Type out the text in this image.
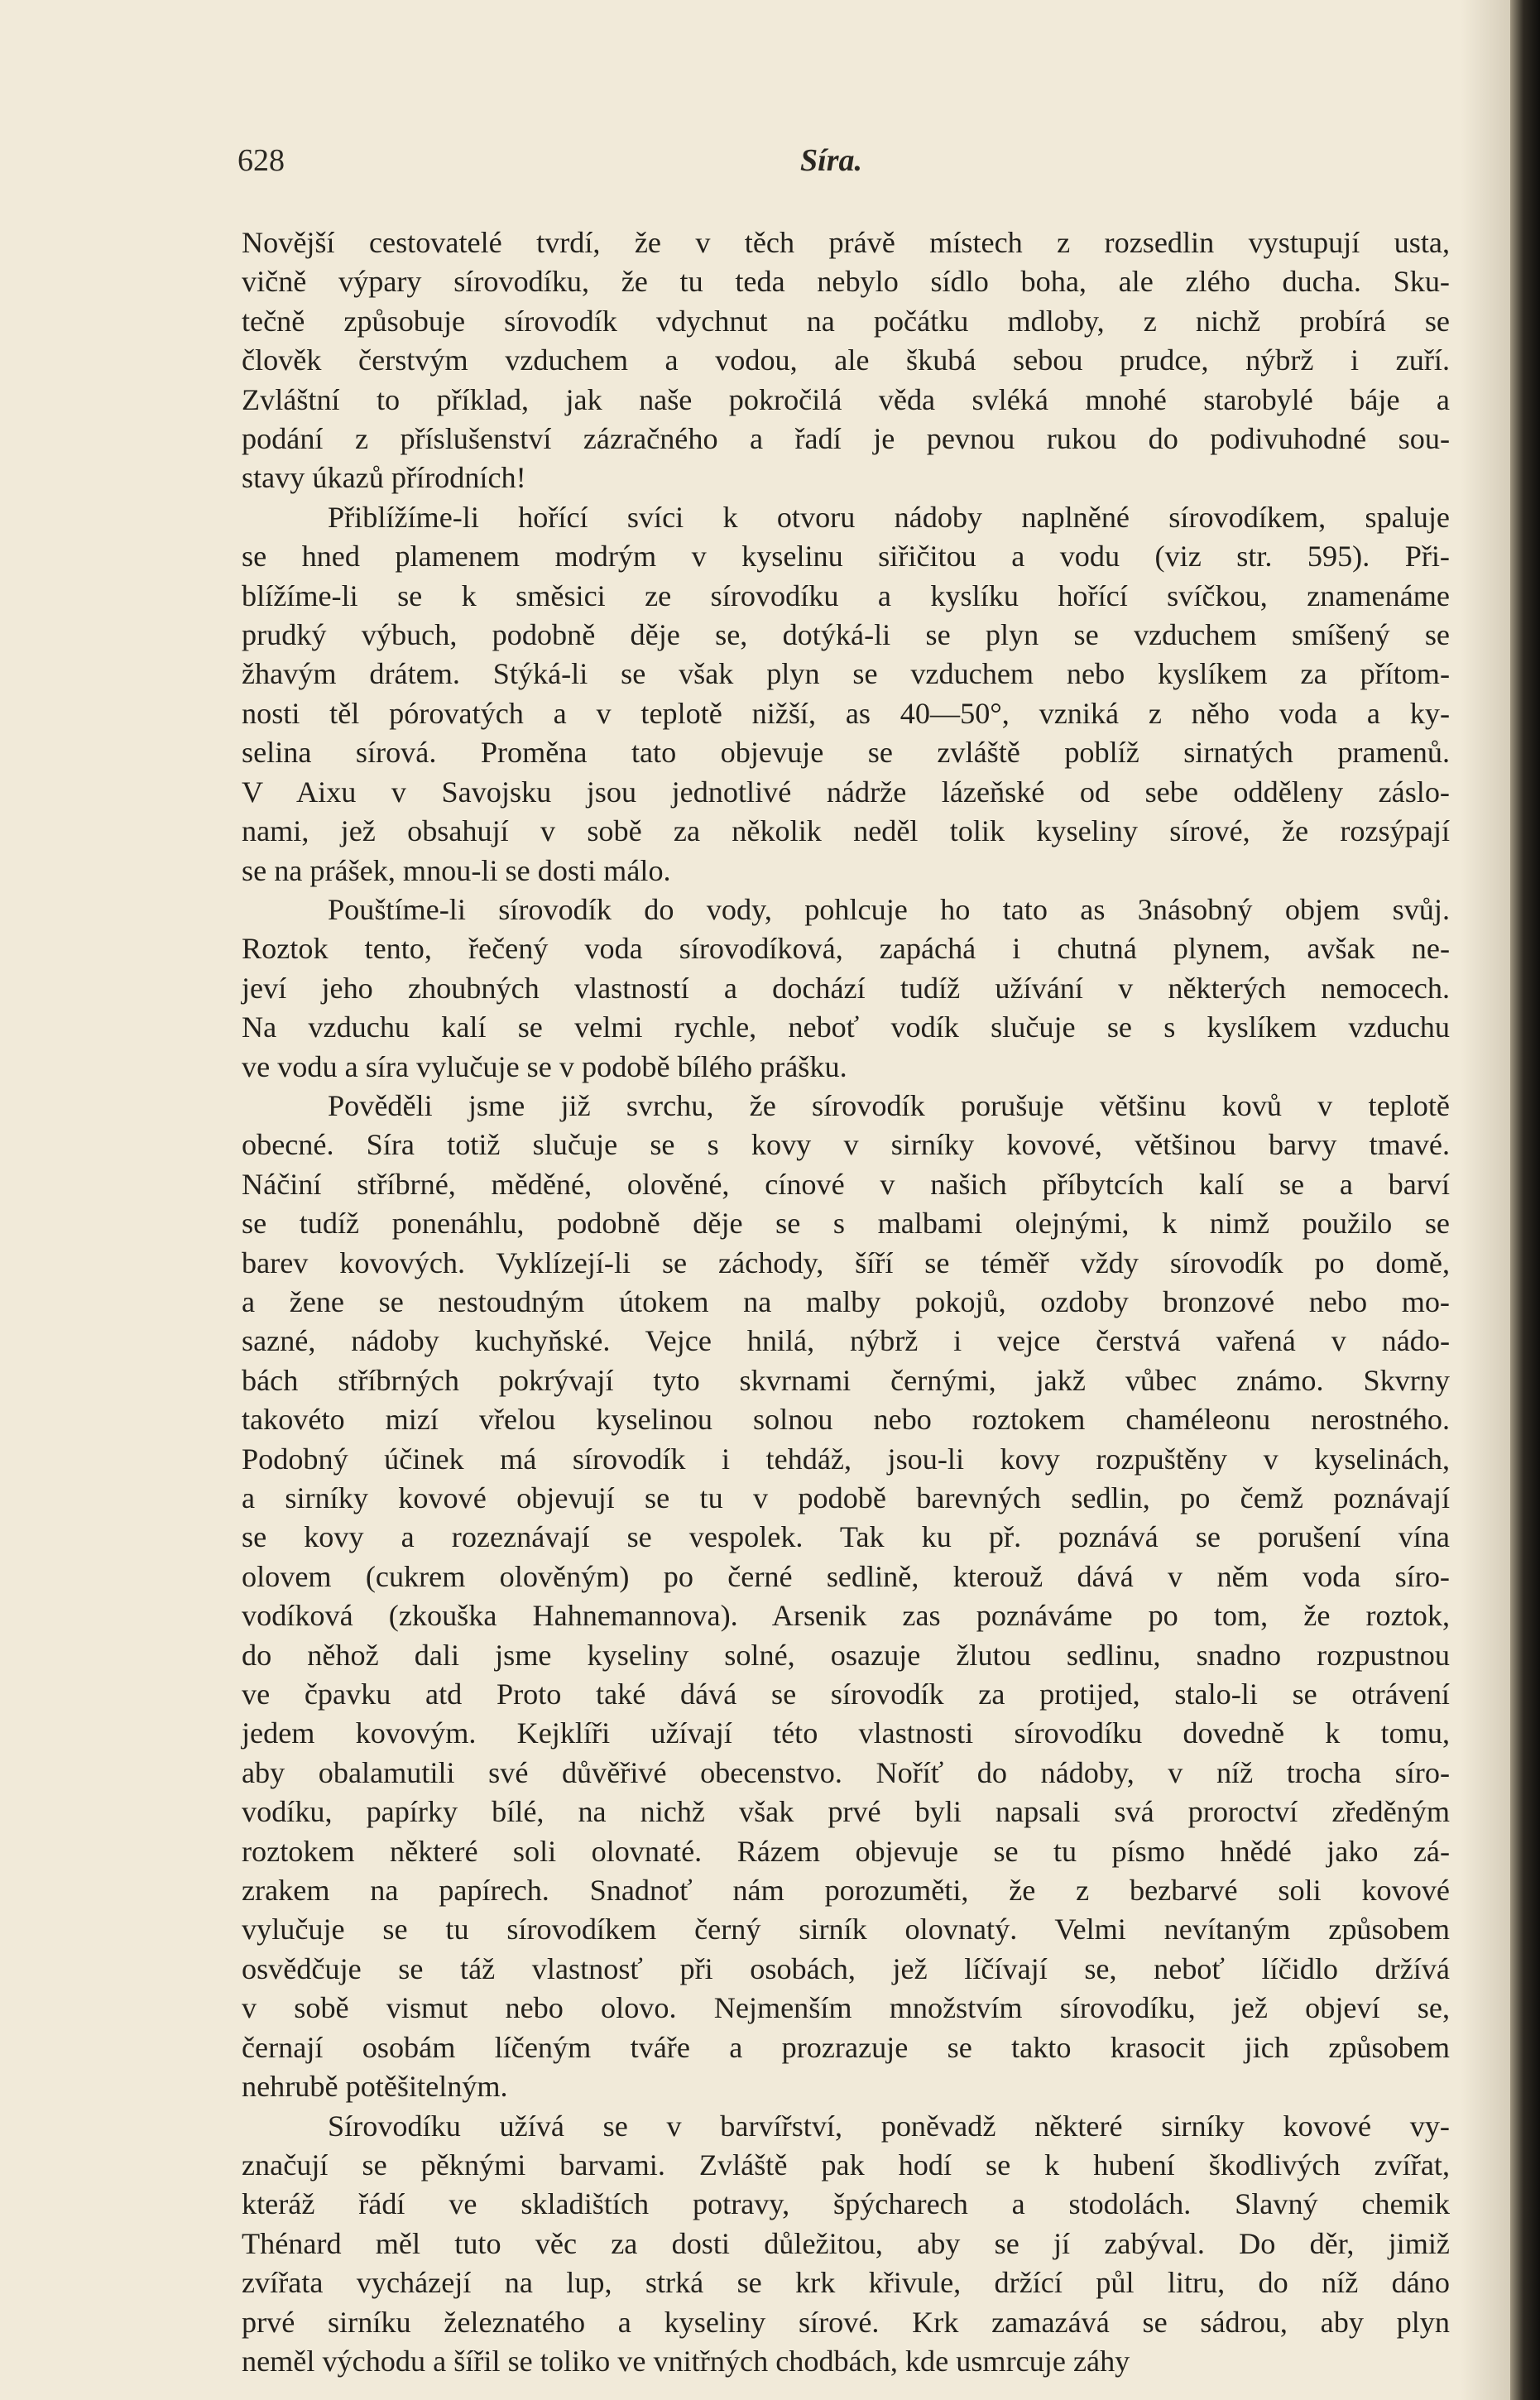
628	Síra.
Novější cestovatelé tvrdí, že v těch právě místech z rozsedlin vystupují usta,
vičně výpary sírovodíku, že tu teda nebylo sídlo boha, ale zlého ducha. Sku-
tečně způsobuje sírovodík vdychnut na počátku mdloby, z nichž probírá se
člověk čerstvým vzduchem a vodou, ale škubá sebou prudce, nýbrž i zuří.
Zvláštní to příklad, jak naše pokročilá věda svléká mnohé starobylé báje a
podání z příslušenství zázračného a řadí je pevnou rukou do podivuhodné sou-
stavy úkazů přírodních!
Přiblížíme-li hořící svíci k otvoru nádoby naplněné sírovodíkem, spaluje
se hned plamenem modrým v kyselinu siřičitou a vodu (viz str. 595). Při-
blížíme-li se k směsici ze sírovodíku a kyslíku hořící svíčkou, znamenáme
prudký výbuch, podobně děje se, dotýká-li se plyn se vzduchem smíšený se
žhavým drátem. Stýká-li se však plyn se vzduchem nebo kyslíkem za přítom-
nosti těl pórovatých a v teplotě nižší, as 40—50°, vzniká z něho voda a ky-
selina sírová. Proměna tato objevuje se zvláště poblíž sirnatých pramenů.
V Aixu v Savojsku jsou jednotlivé nádrže lázeňské od sebe odděleny záslo-
nami, jež obsahují v sobě za několik neděl tolik kyseliny sírové, že rozsýpají
se na prášek, mnou-li se dosti málo.
Pouštíme-li sírovodík do vody, pohlcuje ho tato as 3násobný objem svůj.
Roztok tento, řečený voda sírovodíková, zapáchá i chutná plynem, avšak ne-
jeví jeho zhoubných vlastností a dochází tudíž užívání v některých nemocech.
Na vzduchu kalí se velmi rychle, neboť vodík slučuje se s kyslíkem vzduchu
ve vodu a síra vylučuje se v podobě bílého prášku.
Pověděli jsme již svrchu, že sírovodík porušuje většinu kovů v teplotě
obecné. Síra totiž slučuje se s kovy v sirníky kovové, většinou barvy tmavé.
Náčiní stříbrné, měděné, olověné, cínové v našich příbytcích kalí se a barví
se tudíž ponenáhlu, podobně děje se s malbami olejnými, k nimž použilo se
barev kovových. Vyklízejí-li se záchody, šíří se téměř vždy sírovodík po domě,
a žene se nestoudným útokem na malby pokojů, ozdoby bronzové nebo mo-
sazné, nádoby kuchyňské. Vejce hnilá, nýbrž i vejce čerstvá vařená v nádo-
bách stříbrných pokrývají tyto skvrnami černými, jakž vůbec známo. Skvrny
takovéto mizí vřelou kyselinou solnou nebo roztokem chaméleonu nerostného.
Podobný účinek má sírovodík i tehdáž, jsou-li kovy rozpuštěny v kyselinách,
a sirníky kovové objevují se tu v podobě barevných sedlin, po čemž poznávají
se kovy a rozeznávají se vespolek. Tak ku př. poznává se porušení vína
olovem (cukrem olověným) po černé sedlině, kterouž dává v něm voda síro-
vodíková (zkouška Hahnemannova). Arsenik zas poznáváme po tom, že roztok,
do něhož dali jsme kyseliny solné, osazuje žlutou sedlinu, snadno rozpustnou
ve čpavku atd Proto také dává se sírovodík za protijed, stalo-li se otrávení
jedem kovovým. Kejklíři užívají této vlastnosti sírovodíku dovedně k tomu,
aby obalamutili své důvěřivé obecenstvo. Noříť do nádoby, v níž trocha síro-
vodíku, papírky bílé, na nichž však prvé byli napsali svá proroctví zředěným
roztokem některé soli olovnaté. Rázem objevuje se tu písmo hnědé jako zá-
zrakem na papírech. Snadnoť nám porozuměti, že z bezbarvé soli kovové
vylučuje se tu sírovodíkem černý sirník olovnatý. Velmi nevítaným způsobem
osvědčuje se táž vlastnosť při osobách, jež líčívají se, neboť líčidlo držívá
v sobě vismut nebo olovo. Nejmenším množstvím sírovodíku, jež objeví se,
černají osobám líčeným tváře a prozrazuje se takto krasocit jich způsobem
nehrubě potěšitelným.
Sírovodíku užívá se v barvířství, poněvadž některé sirníky kovové vy-
značují se pěknými barvami. Zvláště pak hodí se k hubení škodlivých zvířat,
kteráž řádí ve skladištích potravy, špýcharech a stodolách. Slavný chemik
Thénard měl tuto věc za dosti důležitou, aby se jí zabýval. Do děr, jimiž
zvířata vycházejí na lup, strká se krk křivule, držící půl litru, do níž dáno
prvé sirníku železnatého a kyseliny sírové. Krk zamazává se sádrou, aby plyn
neměl východu a šířil se toliko ve vnitřných chodbách, kde usmrcuje záhy
